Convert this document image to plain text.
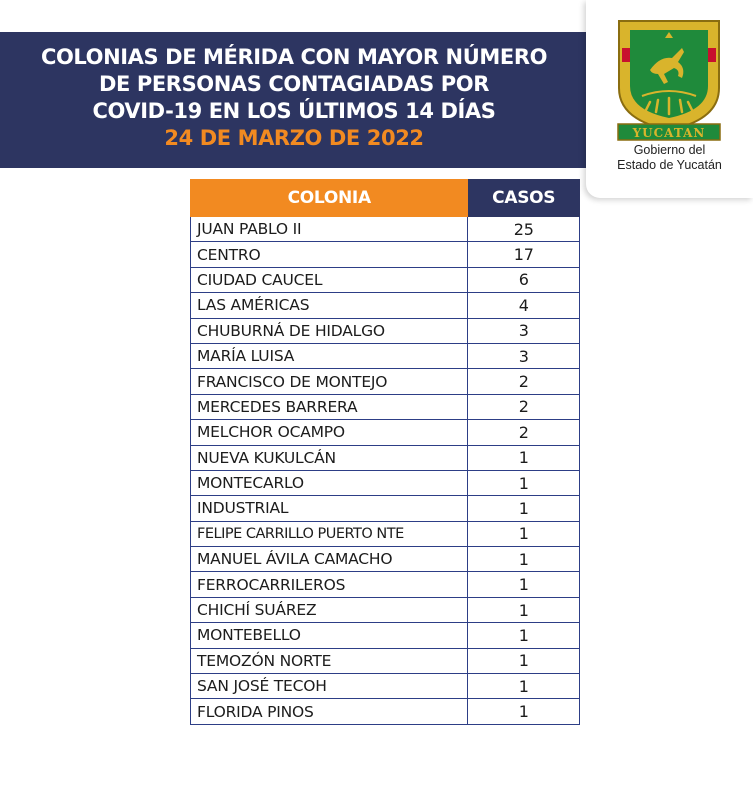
COLONIAS DE MÉRIDA CON MAYOR NÚMERO
DE PERSONAS CONTAGIADAS POR
COVID-19 EN LOS ÚLTIMOS 14 DÍAS
24 DE MARZO DE 2022	YUCATAN
Gobierno del
Estado de Yucatán
COLONIA	CASOS
JUAN PABLO II	25
CENTRO	17
CIUDAD CAUCEL	6
LAS AMÉRICAS	4
CHUBURNÁ DE HIDALGO	3
MARÍA LUISA	3
FRANCISCO DE MONTEJO	2
MERCEDES BARRERA	2
MELCHOR OCAMPO	2
NUEVA KUKULCÁN	1
MONTECARLO	1
INDUSTRIAL	1
FELIPE CARRILLO PUERTO NTE	1
MANUEL ÁVILA CAMACHO	1
FERROCARRILEROS	1
CHICHÍ SUÁREZ	1
MONTEBELLO	1
TEMOZÓN NORTE	1
SAN JOSÉ TECOH	1
FLORIDA PINOS	1
